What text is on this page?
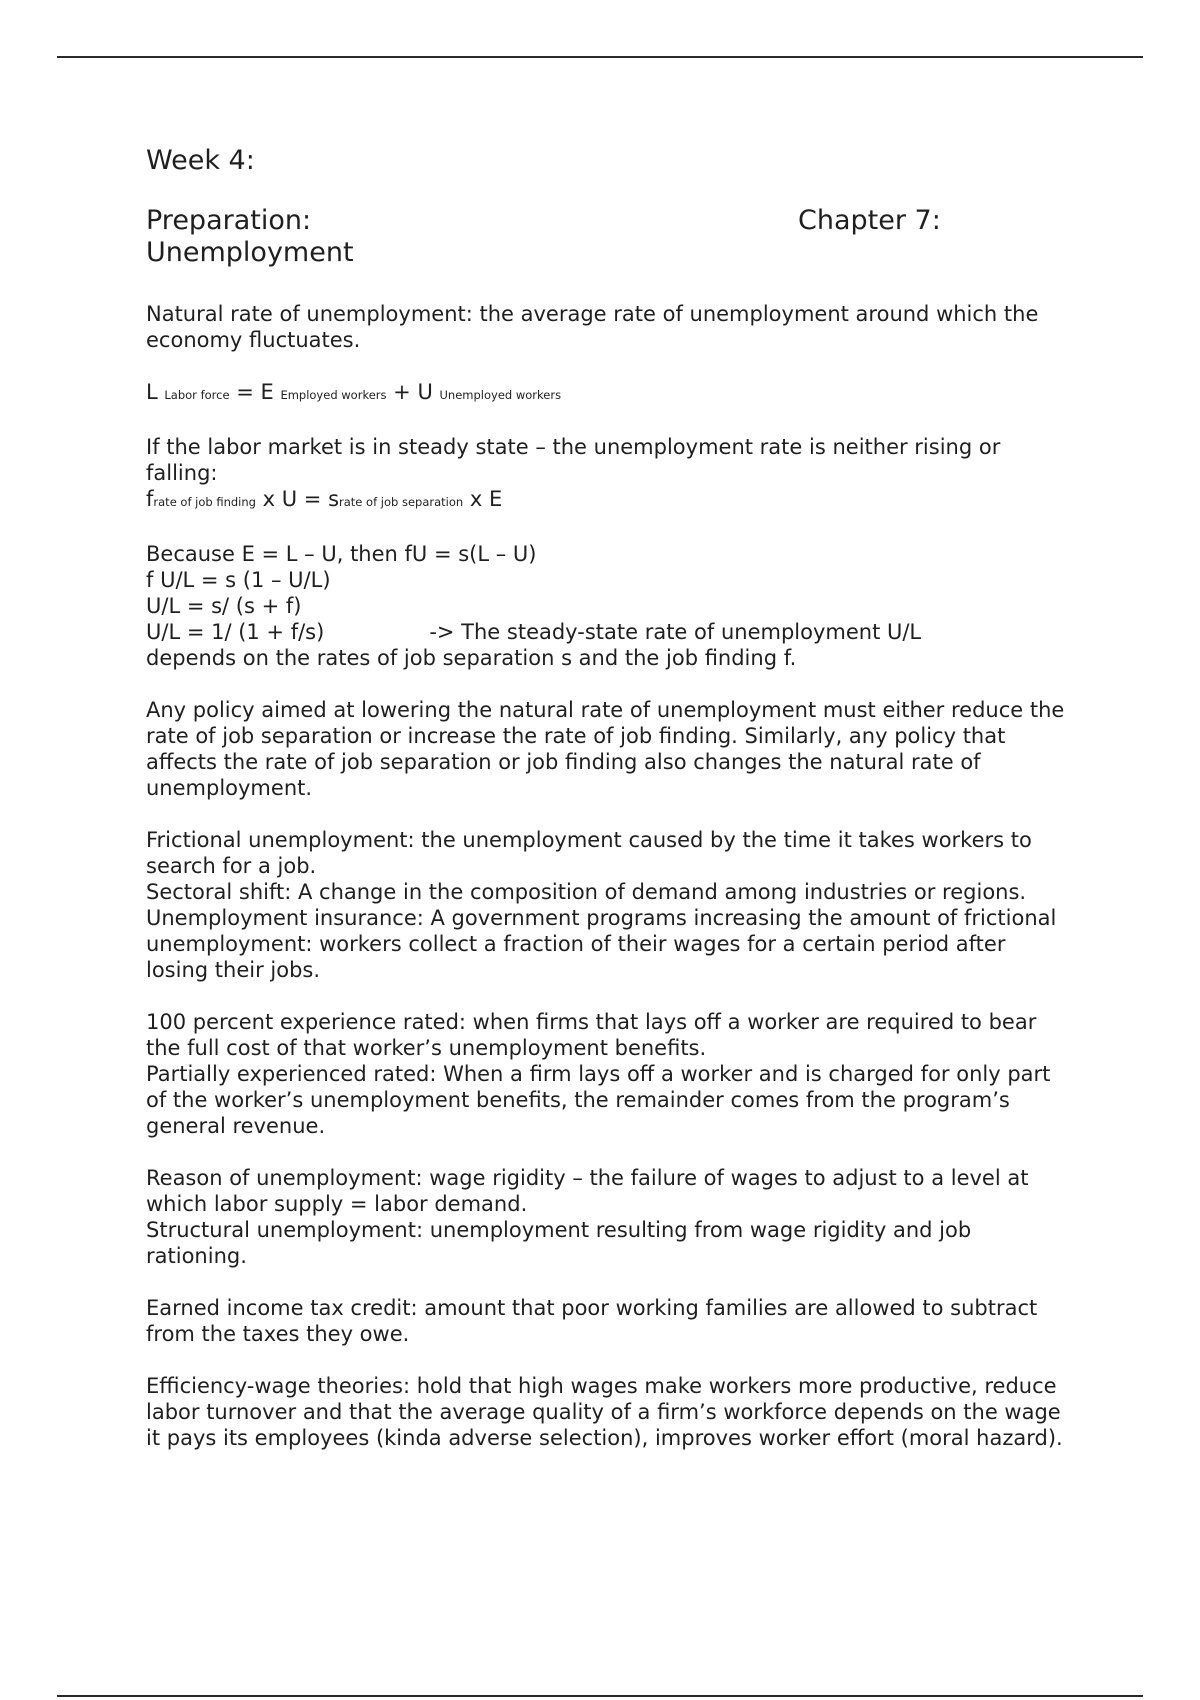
Week 4:
Preparation:	Chapter 7:
Unemployment

Natural rate of unemployment: the average rate of unemployment around which the economy fluctuates.

L Labor force = E Employed workers + U Unemployed workers

If the labor market is in steady state – the unemployment rate is neither rising or falling:

frate of job finding x U = srate of job separation x E

Because E = L – U, then fU = s(L – U)

f U/L = s (1 – U/L)

U/L = s/ (s + f)

U/L = 1/ (1 + f/s)	-> The steady-state rate of unemployment U/L

depends on the rates of job separation s and the job finding f.

Any policy aimed at lowering the natural rate of unemployment must either reduce the rate of job separation or increase the rate of job finding. Similarly, any policy that affects the rate of job separation or job finding also changes the natural rate of unemployment.

Frictional unemployment: the unemployment caused by the time it takes workers to search for a job.

Sectoral shift: A change in the composition of demand among industries or regions.

Unemployment insurance: A government programs increasing the amount of frictional unemployment: workers collect a fraction of their wages for a certain period after losing their jobs.

100 percent experience rated: when firms that lays off a worker are required to bear the full cost of that worker’s unemployment benefits.

Partially experienced rated: When a firm lays off a worker and is charged for only part of the worker’s unemployment benefits, the remainder comes from the program’s general revenue.

Reason of unemployment: wage rigidity – the failure of wages to adjust to a level at which labor supply = labor demand.

Structural unemployment: unemployment resulting from wage rigidity and job rationing.

Earned income tax credit: amount that poor working families are allowed to subtract from the taxes they owe.

Efficiency-wage theories: hold that high wages make workers more productive, reduce labor turnover and that the average quality of a firm’s workforce depends on the wage it pays its employees (kinda adverse selection), improves worker effort (moral hazard).
